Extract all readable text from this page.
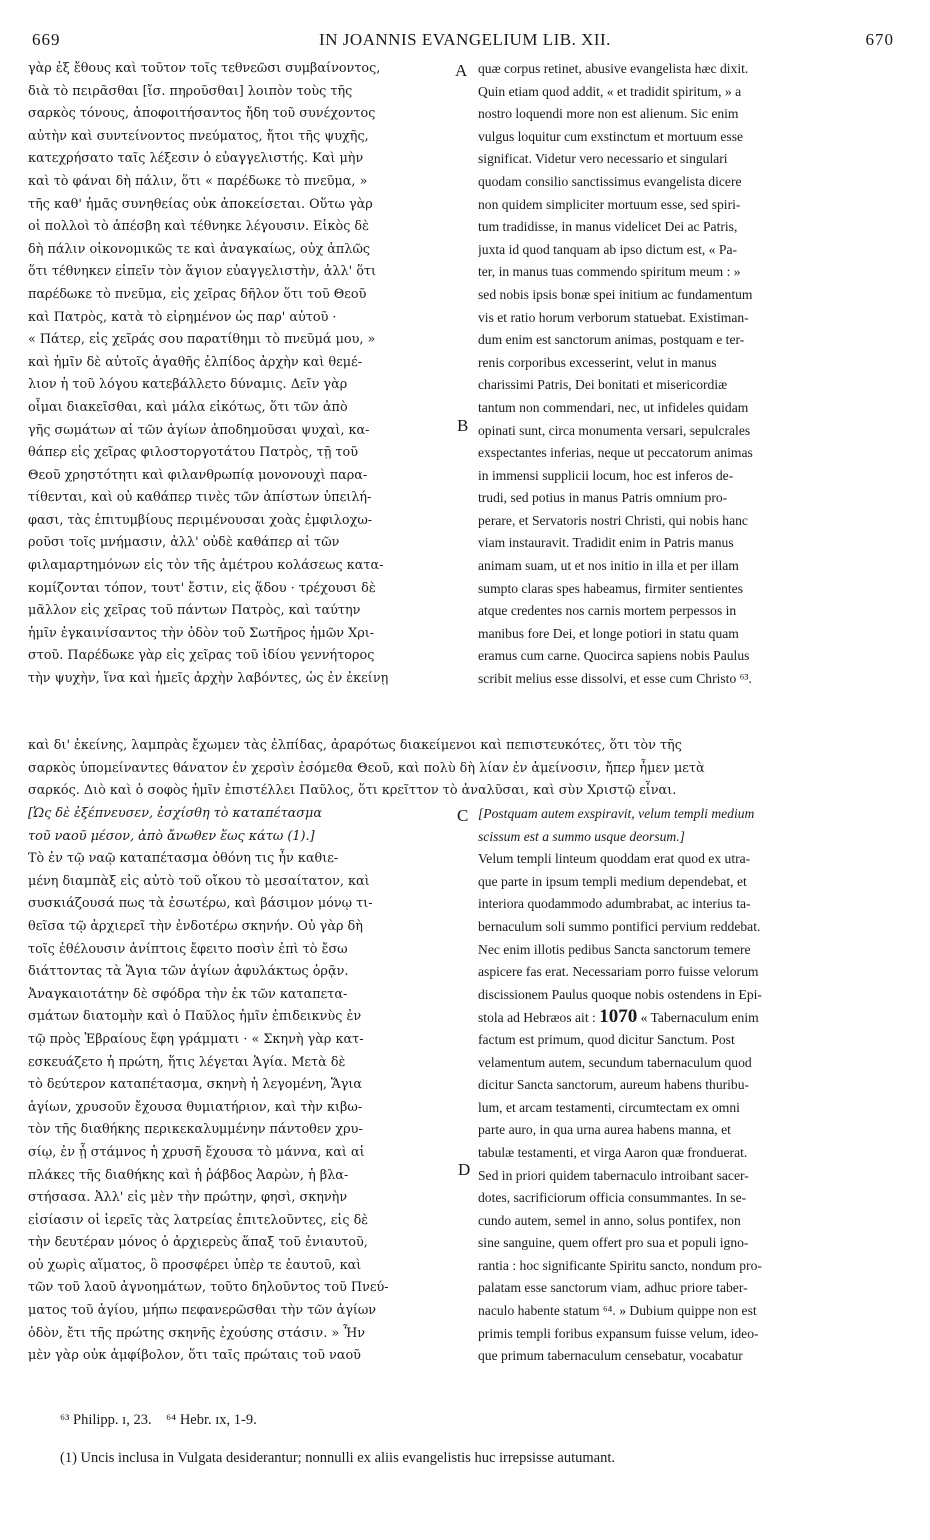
669	IN JOANNIS EVANGELIUM LIB. XII.	670
A
B
C
D
γὰρ ἐξ ἔθους καὶ τοῦτον τοῖς τεθνεῶσι συμβαίνοντος,
διὰ τὸ πειρᾶσθαι [ἴσ. πηροῦσθαι] λοιπὸν τοὺς τῆς
σαρκὸς τόνους, ἀποφοιτήσαντος ἤδη τοῦ συνέχοντος
αὐτὴν καὶ συντείνοντος πνεύματος, ἤτοι τῆς ψυχῆς,
κατεχρήσατο ταῖς λέξεσιν ὁ εὐαγγελιστής. Καὶ μὴν
καὶ τὸ φάναι δὴ πάλιν, ὅτι « παρέδωκε τὸ πνεῦμα, »
τῆς καθ' ἡμᾶς συνηθείας οὐκ ἀποκείσεται. Οὕτω γὰρ
οἱ πολλοὶ τὸ ἀπέσβη καὶ τέθνηκε λέγουσιν. Εἰκὸς δὲ
δὴ πάλιν οἰκονομικῶς τε καὶ ἀναγκαίως, οὐχ ἁπλῶς
ὅτι τέθνηκεν εἰπεῖν τὸν ἅγιον εὐαγγελιστὴν, ἀλλ' ὅτι
παρέδωκε τὸ πνεῦμα, εἰς χεῖρας δῆλον ὅτι τοῦ Θεοῦ
καὶ Πατρὸς, κατὰ τὸ εἰρημένον ὡς παρ' αὐτοῦ ·
« Πάτερ, εἰς χεῖράς σου παρατίθημι τὸ πνεῦμά μου, »
καὶ ἡμῖν δὲ αὐτοῖς ἀγαθῆς ἐλπίδος ἀρχὴν καὶ θεμέ-
λιον ἡ τοῦ λόγου κατεβάλλετο δύναμις. Δεῖν γὰρ
οἶμαι διακεῖσθαι, καὶ μάλα εἰκότως, ὅτι τῶν ἀπὸ
γῆς σωμάτων αἱ τῶν ἁγίων ἀποδημοῦσαι ψυχαὶ, κα-
θάπερ εἰς χεῖρας φιλοστοργοτάτου Πατρὸς, τῇ τοῦ
Θεοῦ χρηστότητι καὶ φιλανθρωπίᾳ μονονουχὶ παρα-
τίθενται, καὶ οὐ καθάπερ τινὲς τῶν ἀπίστων ὑπειλή-
φασι, τὰς ἐπιτυμβίους περιμένουσαι χοὰς ἐμφιλοχω-
ροῦσι τοῖς μνήμασιν, ἀλλ' οὐδὲ καθάπερ αἱ τῶν
φιλαμαρτημόνων εἰς τὸν τῆς ἀμέτρου κολάσεως κατα-
κομίζονται τόπον, τουτ' ἔστιν, εἰς ᾅδου · τρέχουσι δὲ
μᾶλλον εἰς χεῖρας τοῦ πάντων Πατρὸς, καὶ ταύτην
ἡμῖν ἐγκαινίσαντος τὴν ὁδὸν τοῦ Σωτῆρος ἡμῶν Χρι-
στοῦ. Παρέδωκε γὰρ εἰς χεῖρας τοῦ ἰδίου γεννήτορος
τὴν ψυχὴν, ἵνα καὶ ἡμεῖς ἀρχὴν λαβόντες, ὡς ἐν ἐκείνῃ
quæ corpus retinet, abusive evangelista hæc dixit.
Quin etiam quod addit, « et tradidit spiritum, » a
nostro loquendi more non est alienum. Sic enim
vulgus loquitur cum exstinctum et mortuum esse
significat. Videtur vero necessario et singulari
quodam consilio sanctissimus evangelista dicere
non quidem simpliciter mortuum esse, sed spiri-
tum tradidisse, in manus videlicet Dei ac Patris,
juxta id quod tanquam ab ipso dictum est, « Pa-
ter, in manus tuas commendo spiritum meum : »
sed nobis ipsis bonæ spei initium ac fundamentum
vis et ratio horum verborum statuebat. Existiman-
dum enim est sanctorum animas, postquam e ter-
renis corporibus excesserint, velut in manus
charissimi Patris, Dei bonitati et misericordiæ
tantum non commendari, nec, ut infideles quidam
opinati sunt, circa monumenta versari, sepulcrales
exspectantes inferias, neque ut peccatorum animas
in immensi supplicii locum, hoc est inferos de-
trudi, sed potius in manus Patris omnium pro-
perare, et Servatoris nostri Christi, qui nobis hanc
viam instauravit. Tradidit enim in Patris manus
animam suam, ut et nos initio in illa et per illam
sumpto claras spes habeamus, firmiter sentientes
atque credentes nos carnis mortem perpessos in
manibus fore Dei, et longe potiori in statu quam
eramus cum carne. Quocirca sapiens nobis Paulus
scribit melius esse dissolvi, et esse cum Christo ⁶³.
καὶ δι' ἐκείνης, λαμπρὰς ἔχωμεν τὰς ἐλπίδας, ἀραρότως διακείμενοι καὶ πεπιστευκότες, ὅτι τὸν τῆς
σαρκὸς ὑπομείναντες θάνατον ἐν χερσὶν ἐσόμεθα Θεοῦ, καὶ πολὺ δὴ λίαν ἐν ἀμείνοσιν, ἤπερ ἦμεν μετὰ
σαρκός. Διὸ καὶ ὁ σοφὸς ἡμῖν ἐπιστέλλει Παῦλος, ὅτι κρεῖττον τὸ ἀναλῦσαι, καὶ σὺν Χριστῷ εἶναι.
[Ὡς δὲ ἐξέπνευσεν, ἐσχίσθη τὸ καταπέτασμα
τοῦ ναοῦ μέσον, ἀπὸ ἄνωθεν ἕως κάτω (1).]
Τὸ ἐν τῷ ναῷ καταπέτασμα ὀθόνη τις ἦν καθιε-
μένη διαμπὰξ εἰς αὐτὸ τοῦ οἴκου τὸ μεσαίτατον, καὶ
συσκιάζουσά πως τὰ ἐσωτέρω, καὶ βάσιμον μόνῳ τι-
θεῖσα τῷ ἀρχιερεῖ τὴν ἐνδοτέρω σκηνήν. Οὐ γὰρ δὴ
τοῖς ἐθέλουσιν ἀνίπτοις ἔφειτο ποσὶν ἐπὶ τὸ ἔσω
διάττοντας τὰ Ἅγια τῶν ἁγίων ἀφυλάκτως ὁρᾷν.
Ἀναγκαιοτάτην δὲ σφόδρα τὴν ἐκ τῶν καταπετα-
σμάτων διατομὴν καὶ ὁ Παῦλος ἡμῖν ἐπιδεικνὺς ἐν
τῷ πρὸς Ἑβραίους ἔφη γράμματι · « Σκηνὴ γὰρ κατ-
εσκευάζετο ἡ πρώτη, ἥτις λέγεται Ἁγία. Μετὰ δὲ
τὸ δεύτερον καταπέτασμα, σκηνὴ ἡ λεγομένη, Ἅγια
ἁγίων, χρυσοῦν ἔχουσα θυμιατήριον, καὶ τὴν κιβω-
τὸν τῆς διαθήκης περικεκαλυμμένην πάντοθεν χρυ-
σίῳ, ἐν ᾗ στάμνος ἡ χρυσῆ ἔχουσα τὸ μάννα, καὶ αἱ
πλάκες τῆς διαθήκης καὶ ἡ ῥάβδος Ἀαρὼν, ἡ βλα-
στήσασα. Ἀλλ' εἰς μὲν τὴν πρώτην, φησὶ, σκηνὴν
εἰσίασιν οἱ ἱερεῖς τὰς λατρείας ἐπιτελοῦντες, εἰς δὲ
τὴν δευτέραν μόνος ὁ ἀρχιερεὺς ἅπαξ τοῦ ἐνιαυτοῦ,
οὐ χωρὶς αἵματος, ὃ προσφέρει ὑπὲρ τε ἑαυτοῦ, καὶ
τῶν τοῦ λαοῦ ἀγνοημάτων, τοῦτο δηλοῦντος τοῦ Πνεύ-
ματος τοῦ ἁγίου, μήπω πεφανερῶσθαι τὴν τῶν ἁγίων
ὁδὸν, ἔτι τῆς πρώτης σκηνῆς ἐχούσης στάσιν. » Ἦν
μὲν γὰρ οὐκ ἀμφίβολον, ὅτι ταῖς πρώταις τοῦ ναοῦ
[Postquam autem exspiravit, velum templi medium
scissum est a summo usque deorsum.]
Velum templi linteum quoddam erat quod ex utra-
que parte in ipsum templi medium dependebat, et
interiora quodammodo adumbrabat, ac interius ta-
bernaculum soli summo pontifici pervium reddebat.
Nec enim illotis pedibus Sancta sanctorum temere
aspicere fas erat. Necessariam porro fuisse velorum
discissionem Paulus quoque nobis ostendens in Epi-
stola ad Hebræos ait : 1070 « Tabernaculum enim
factum est primum, quod dicitur Sanctum. Post
velamentum autem, secundum tabernaculum quod
dicitur Sancta sanctorum, aureum habens thuribu-
lum, et arcam testamenti, circumtectam ex omni
parte auro, in qua urna aurea habens manna, et
tabulæ testamenti, et virga Aaron quæ fronduerat.
Sed in priori quidem tabernaculo introibant sacer-
dotes, sacrificiorum officia consummantes. In se-
cundo autem, semel in anno, solus pontifex, non
sine sanguine, quem offert pro sua et populi igno-
rantia : hoc significante Spiritu sancto, nondum pro-
palatam esse sanctorum viam, adhuc priore taber-
naculo habente statum ⁶⁴. » Dubium quippe non est
primis templi foribus expansum fuisse velum, ideo-
que primum tabernaculum censebatur, vocabatur
⁶³ Philipp. ɪ, 23. ⁶⁴ Hebr. ɪx, 1-9.
(1) Uncis inclusa in Vulgata desiderantur; nonnulli ex aliis evangelistis huc irrepsisse autumant.
